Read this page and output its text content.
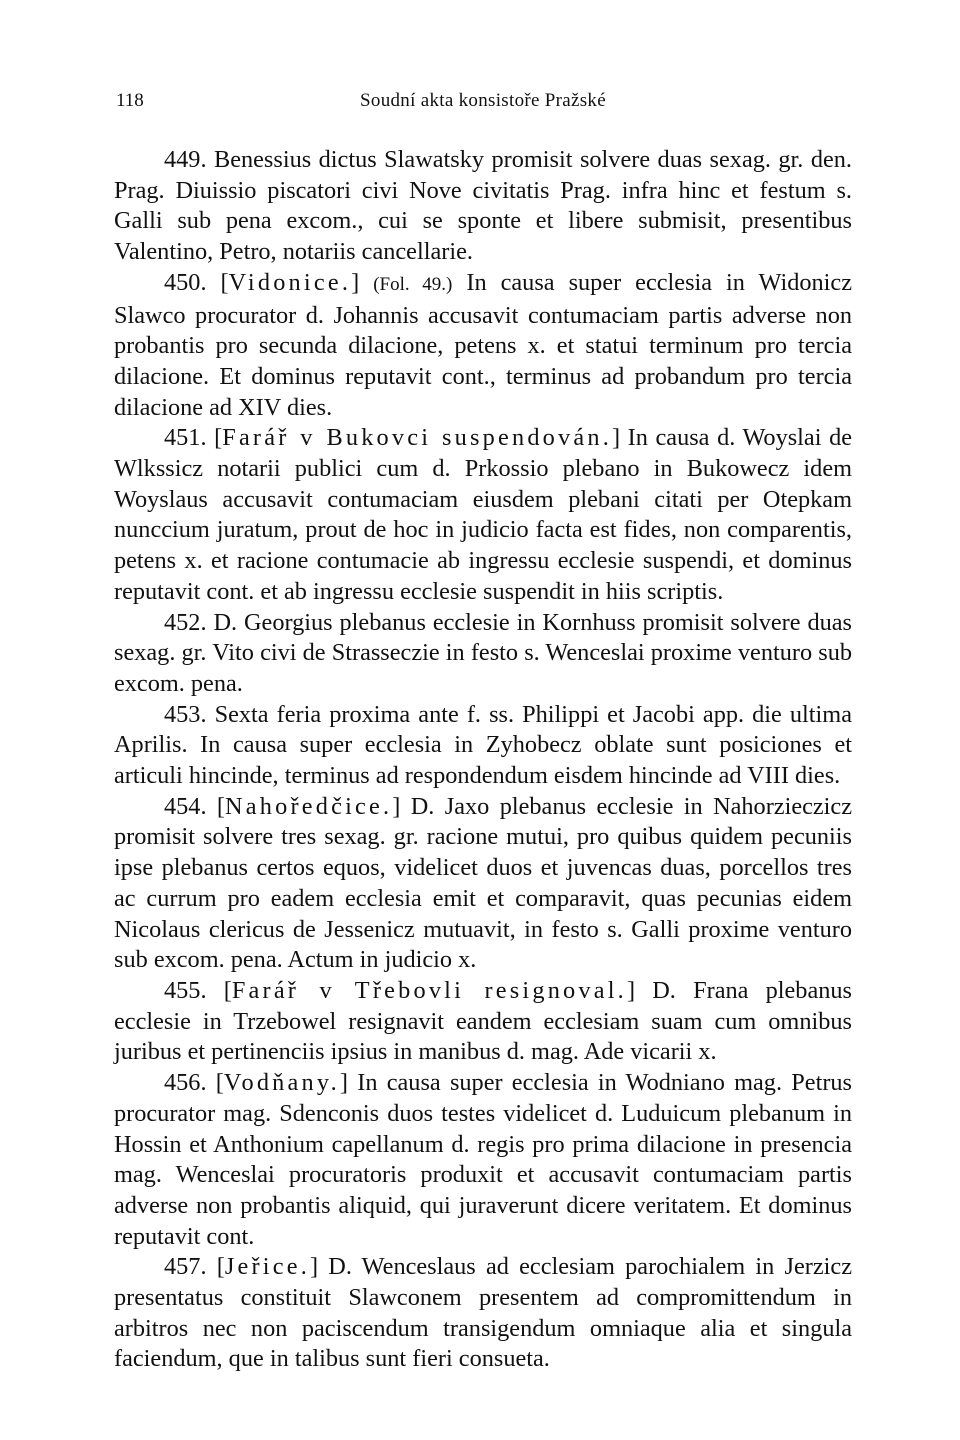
118	Soudní akta konsistoře Pražské

449. Benessius dictus Slawatsky promisit solvere duas sexag. gr. den. Prag. Diuissio piscatori civi Nove civitatis Prag. infra hinc et festum s. Galli sub pena excom., cui se sponte et libere submisit, presentibus Valentino, Petro, notariis cancellarie.

450. [Vidonice.] (Fol. 49.) In causa super ecclesia in Widonicz Slawco procurator d. Johannis accusavit contumaciam partis adverse non probantis pro secunda dilacione, petens x. et statui terminum pro tercia dilacione. Et dominus reputavit cont., terminus ad probandum pro tercia dilacione ad XIV dies.

451. [Farář v Bukovci suspendován.] In causa d. Woyslai de Wlkssicz notarii publici cum d. Prkossio plebano in Bukowecz idem Woyslaus accusavit contumaciam eiusdem plebani citati per Otepkam nunccium juratum, prout de hoc in judicio facta est fides, non comparentis, petens x. et racione contumacie ab ingressu ecclesie suspendi, et dominus reputavit cont. et ab ingressu ecclesie suspendit in hiis scriptis.

452. D. Georgius plebanus ecclesie in Kornhuss promisit solvere duas sexag. gr. Vito civi de Strasseczie in festo s. Wenceslai proxime venturo sub excom. pena.

453. Sexta feria proxima ante f. ss. Philippi et Jacobi app. die ultima Aprilis. In causa super ecclesia in Zyhobecz oblate sunt posiciones et articuli hincinde, terminus ad respondendum eisdem hincinde ad VIII dies.

454. [Nahoředčice.] D. Jaxo plebanus ecclesie in Nahorzieczicz promisit solvere tres sexag. gr. racione mutui, pro quibus quidem pecuniis ipse plebanus certos equos, videlicet duos et juvencas duas, porcellos tres ac currum pro eadem ecclesia emit et comparavit, quas pecunias eidem Nicolaus clericus de Jessenicz mutuavit, in festo s. Galli proxime venturo sub excom. pena. Actum in judicio x.

455. [Farář v Třebovli resignoval.] D. Frana plebanus ecclesie in Trzebowel resignavit eandem ecclesiam suam cum omnibus juribus et pertinenciis ipsius in manibus d. mag. Ade vicarii x.

456. [Vodňany.] In causa super ecclesia in Wodniano mag. Petrus procurator mag. Sdenconis duos testes videlicet d. Luduicum plebanum in Hossin et Anthonium capellanum d. regis pro prima dilacione in presencia mag. Wenceslai procuratoris produxit et accusavit contumaciam partis adverse non probantis aliquid, qui juraverunt dicere veritatem. Et dominus reputavit cont.

457. [Jeřice.] D. Wenceslaus ad ecclesiam parochialem in Jerzicz presentatus constituit Slawconem presentem ad compromittendum in arbitros nec non paciscendum transigendum omniaque alia et singula faciendum, que in talibus sunt fieri consueta.
